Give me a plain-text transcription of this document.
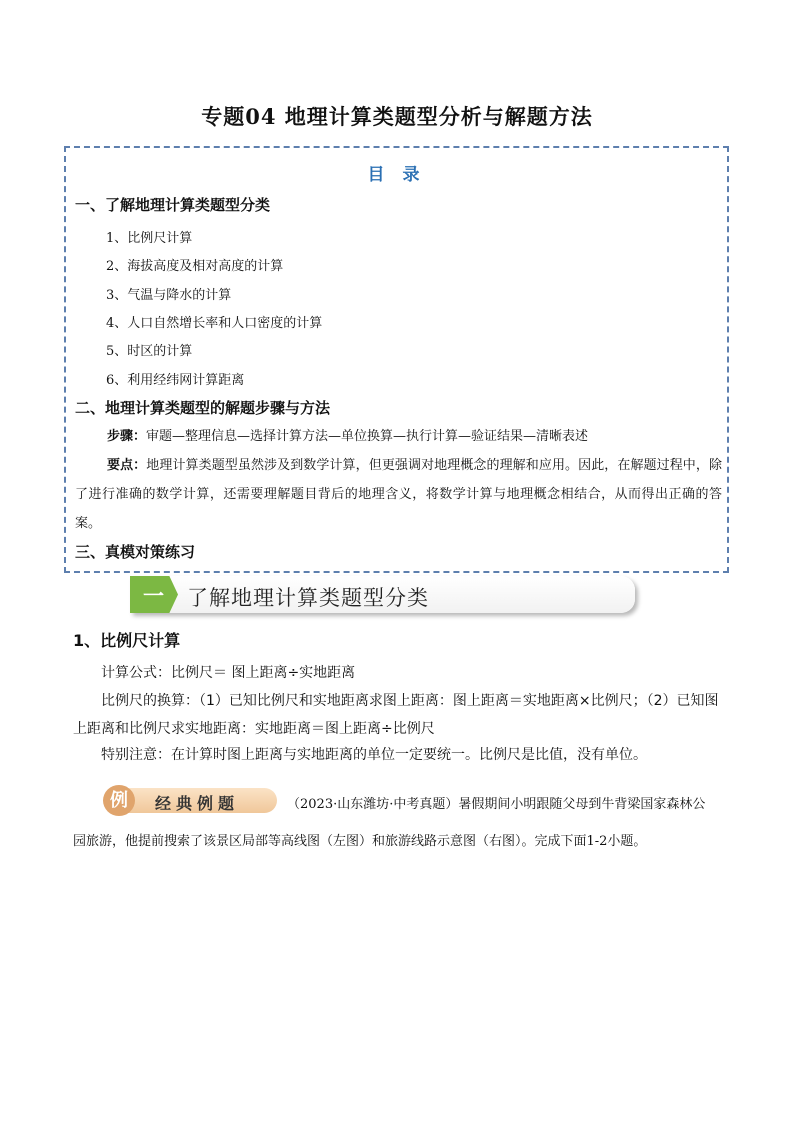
专题04 地理计算类题型分析与解题方法
目 录
一、了解地理计算类题型分类
1、比例尺计算
2、海拔高度及相对高度的计算
3、气温与降水的计算
4、人口自然增长率和人口密度的计算
5、时区的计算
6、利用经纬网计算距离
二、地理计算类题型的解题步骤与方法
步骤：审题—整理信息—选择计算方法—单位换算—执行计算—验证结果—清晰表述
要点：地理计算类题型虽然涉及到数学计算，但更强调对地理概念的理解和应用。因此，在解题过程中，除了进行准确的数学计算，还需要理解题目背后的地理含义，将数学计算与地理概念相结合，从而得出正确的答案。
三、真模对策练习
一 了解地理计算类题型分类
1、比例尺计算
计算公式：比例尺＝ 图上距离÷实地距离
比例尺的换算：（1）已知比例尺和实地距离求图上距离：图上距离＝实地距离×比例尺；（2）已知图上距离和比例尺求实地距离：实地距离＝图上距离÷比例尺
特别注意：在计算时图上距离与实地距离的单位一定要统一。比例尺是比值，没有单位。
例	经典例题	（2023·山东潍坊·中考真题）暑假期间小明跟随父母到牛背梁国家森林公
园旅游，他提前搜索了该景区局部等高线图（左图）和旅游线路示意图（右图）。完成下面1-2小题。
